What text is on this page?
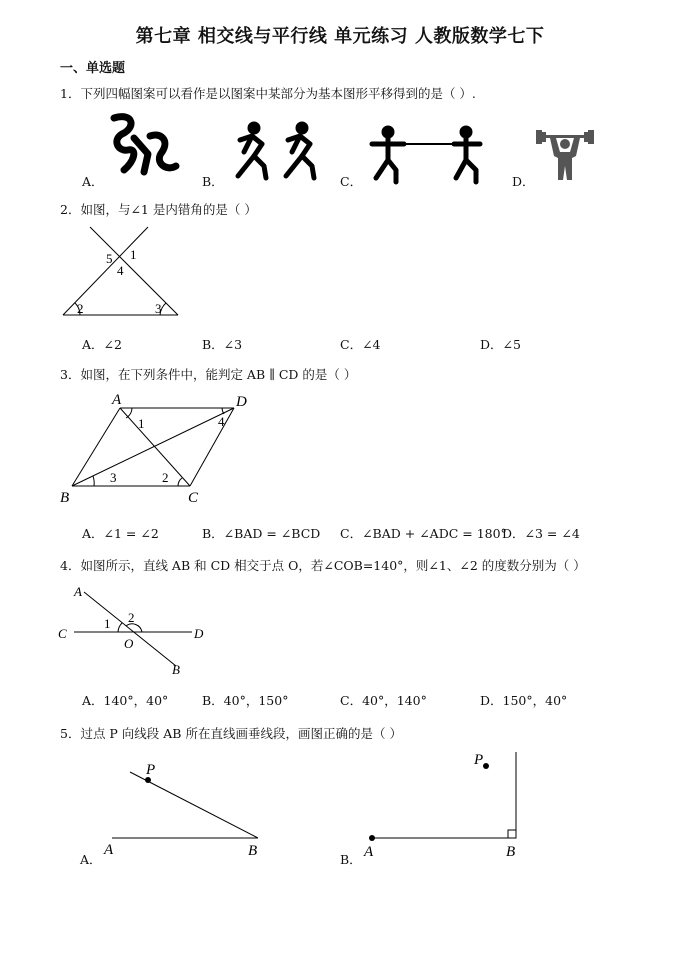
第七章 相交线与平行线 单元练习 人教版数学七下
一、单选题
1．下列四幅图案可以看作是以图案中某部分为基本图形平移得到的是（ ）.
A．	B．	C．	D．
2．如图，与∠1 是内错角的是（ ）
5 1
4
2	3
A．∠2	B．∠3	C．∠4	D．∠5
3．如图，在下列条件中，能判定 AB ∥ CD 的是（ ）
A	D
B	C
1	4
3	2
A．∠1 = ∠2	B．∠BAD = ∠BCD C．∠BAD + ∠ADC = 180°
D．∠3 = ∠4
4．如图所示，直线 AB 和 CD 相交于点 O，若∠COB=140°，则∠1、∠2 的度数分别为（ ）
A
C	D
B
O
1 2
A．140°，40°	B．40°，150°	C．40°，140°	D．150°，40°
5．过点 P 向线段 AB 所在直线画垂线段，画图正确的是（ ）
P
A	B
A．
P
A	B
B．
